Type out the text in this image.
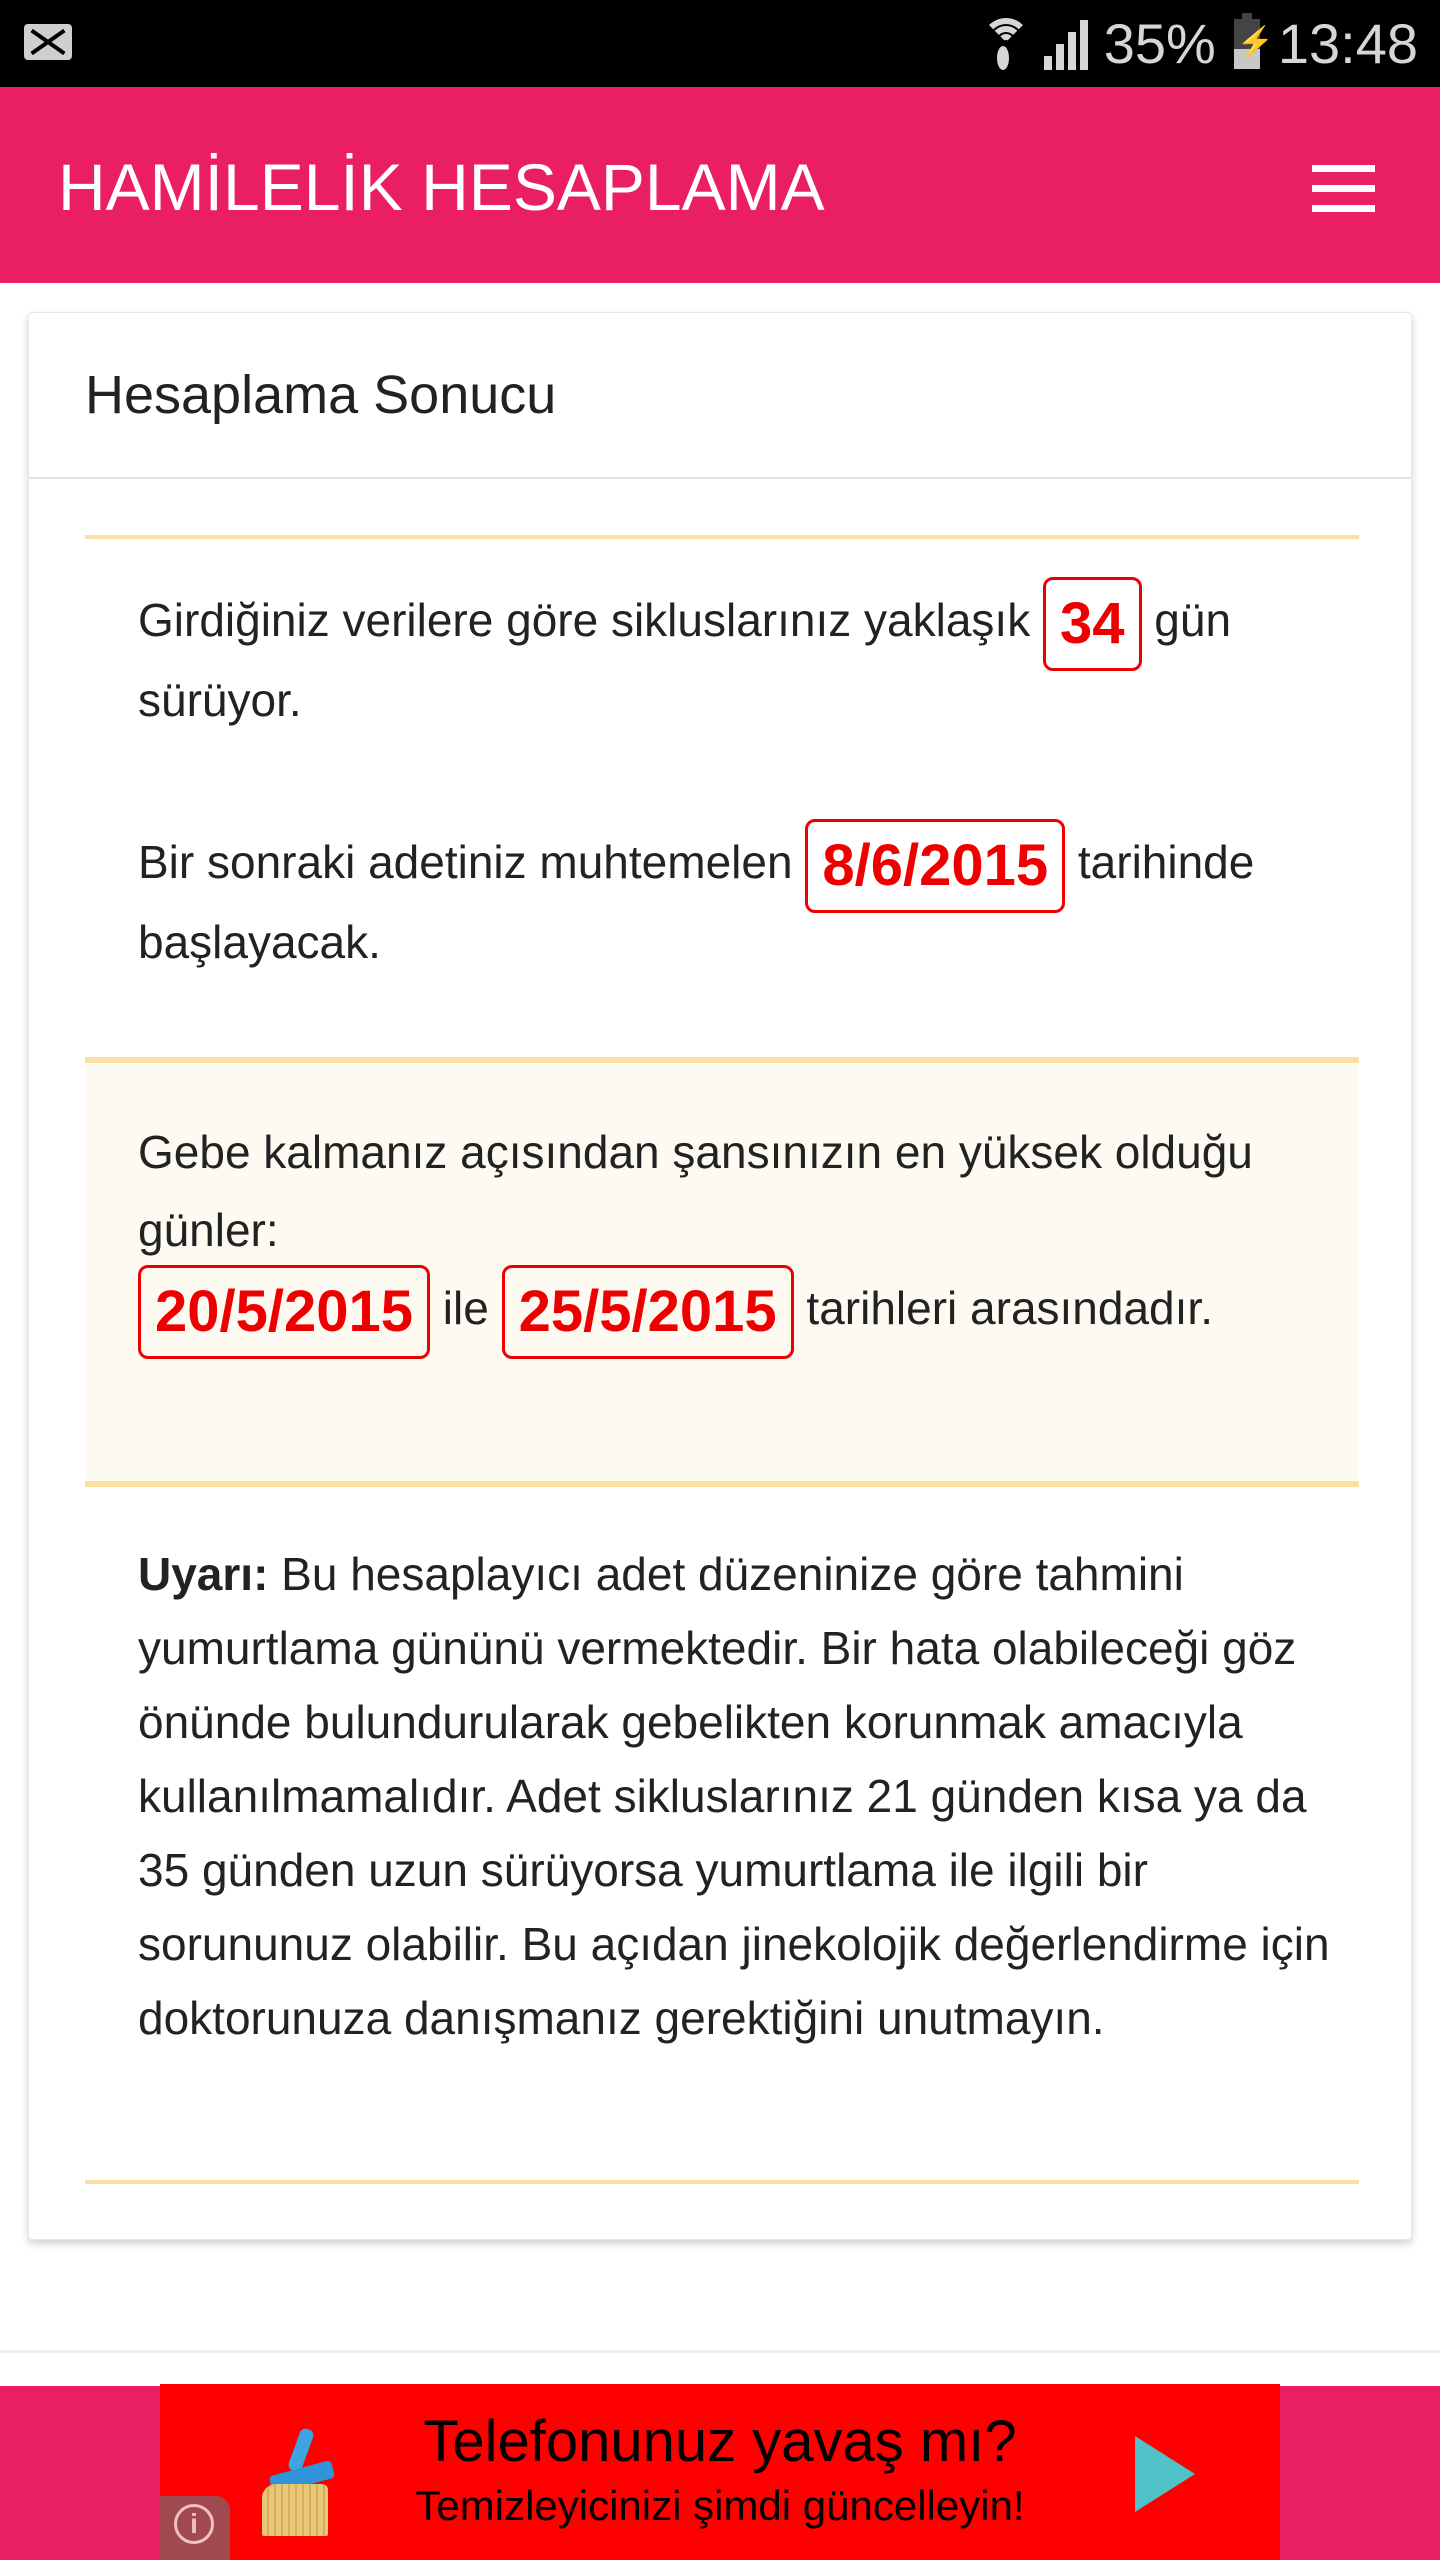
35% ⚡ 13:48
HAMİLELİK HESAPLAMA
Hesaplama Sonucu

Girdiğiniz verilere göre sikluslarınız yaklaşık 34 gün sürüyor.

Bir sonraki adetiniz muhtemelen 8/6/2015 tarihinde başlayacak.

Gebe kalmanız açısından şansınızın en yüksek olduğu günler:
20/5/2015 ile 25/5/2015 tarihleri arasındadır.

Uyarı: Bu hesaplayıcı adet düzeninize göre tahmini yumurtlama gününü vermektedir. Bir hata olabileceği göz önünde bulundurularak gebelikten korunmak amacıyla kullanılmamalıdır. Adet sikluslarınız 21 günden kısa ya da 35 günden uzun sürüyorsa yumurtlama ile ilgili bir sorununuz olabilir. Bu açıdan jinekolojik değerlendirme için doktorunuza danışmanız gerektiğini unutmayın.

Telefonunuz yavaş mı?
Temizleyicinizi şimdi güncelleyin!
i
